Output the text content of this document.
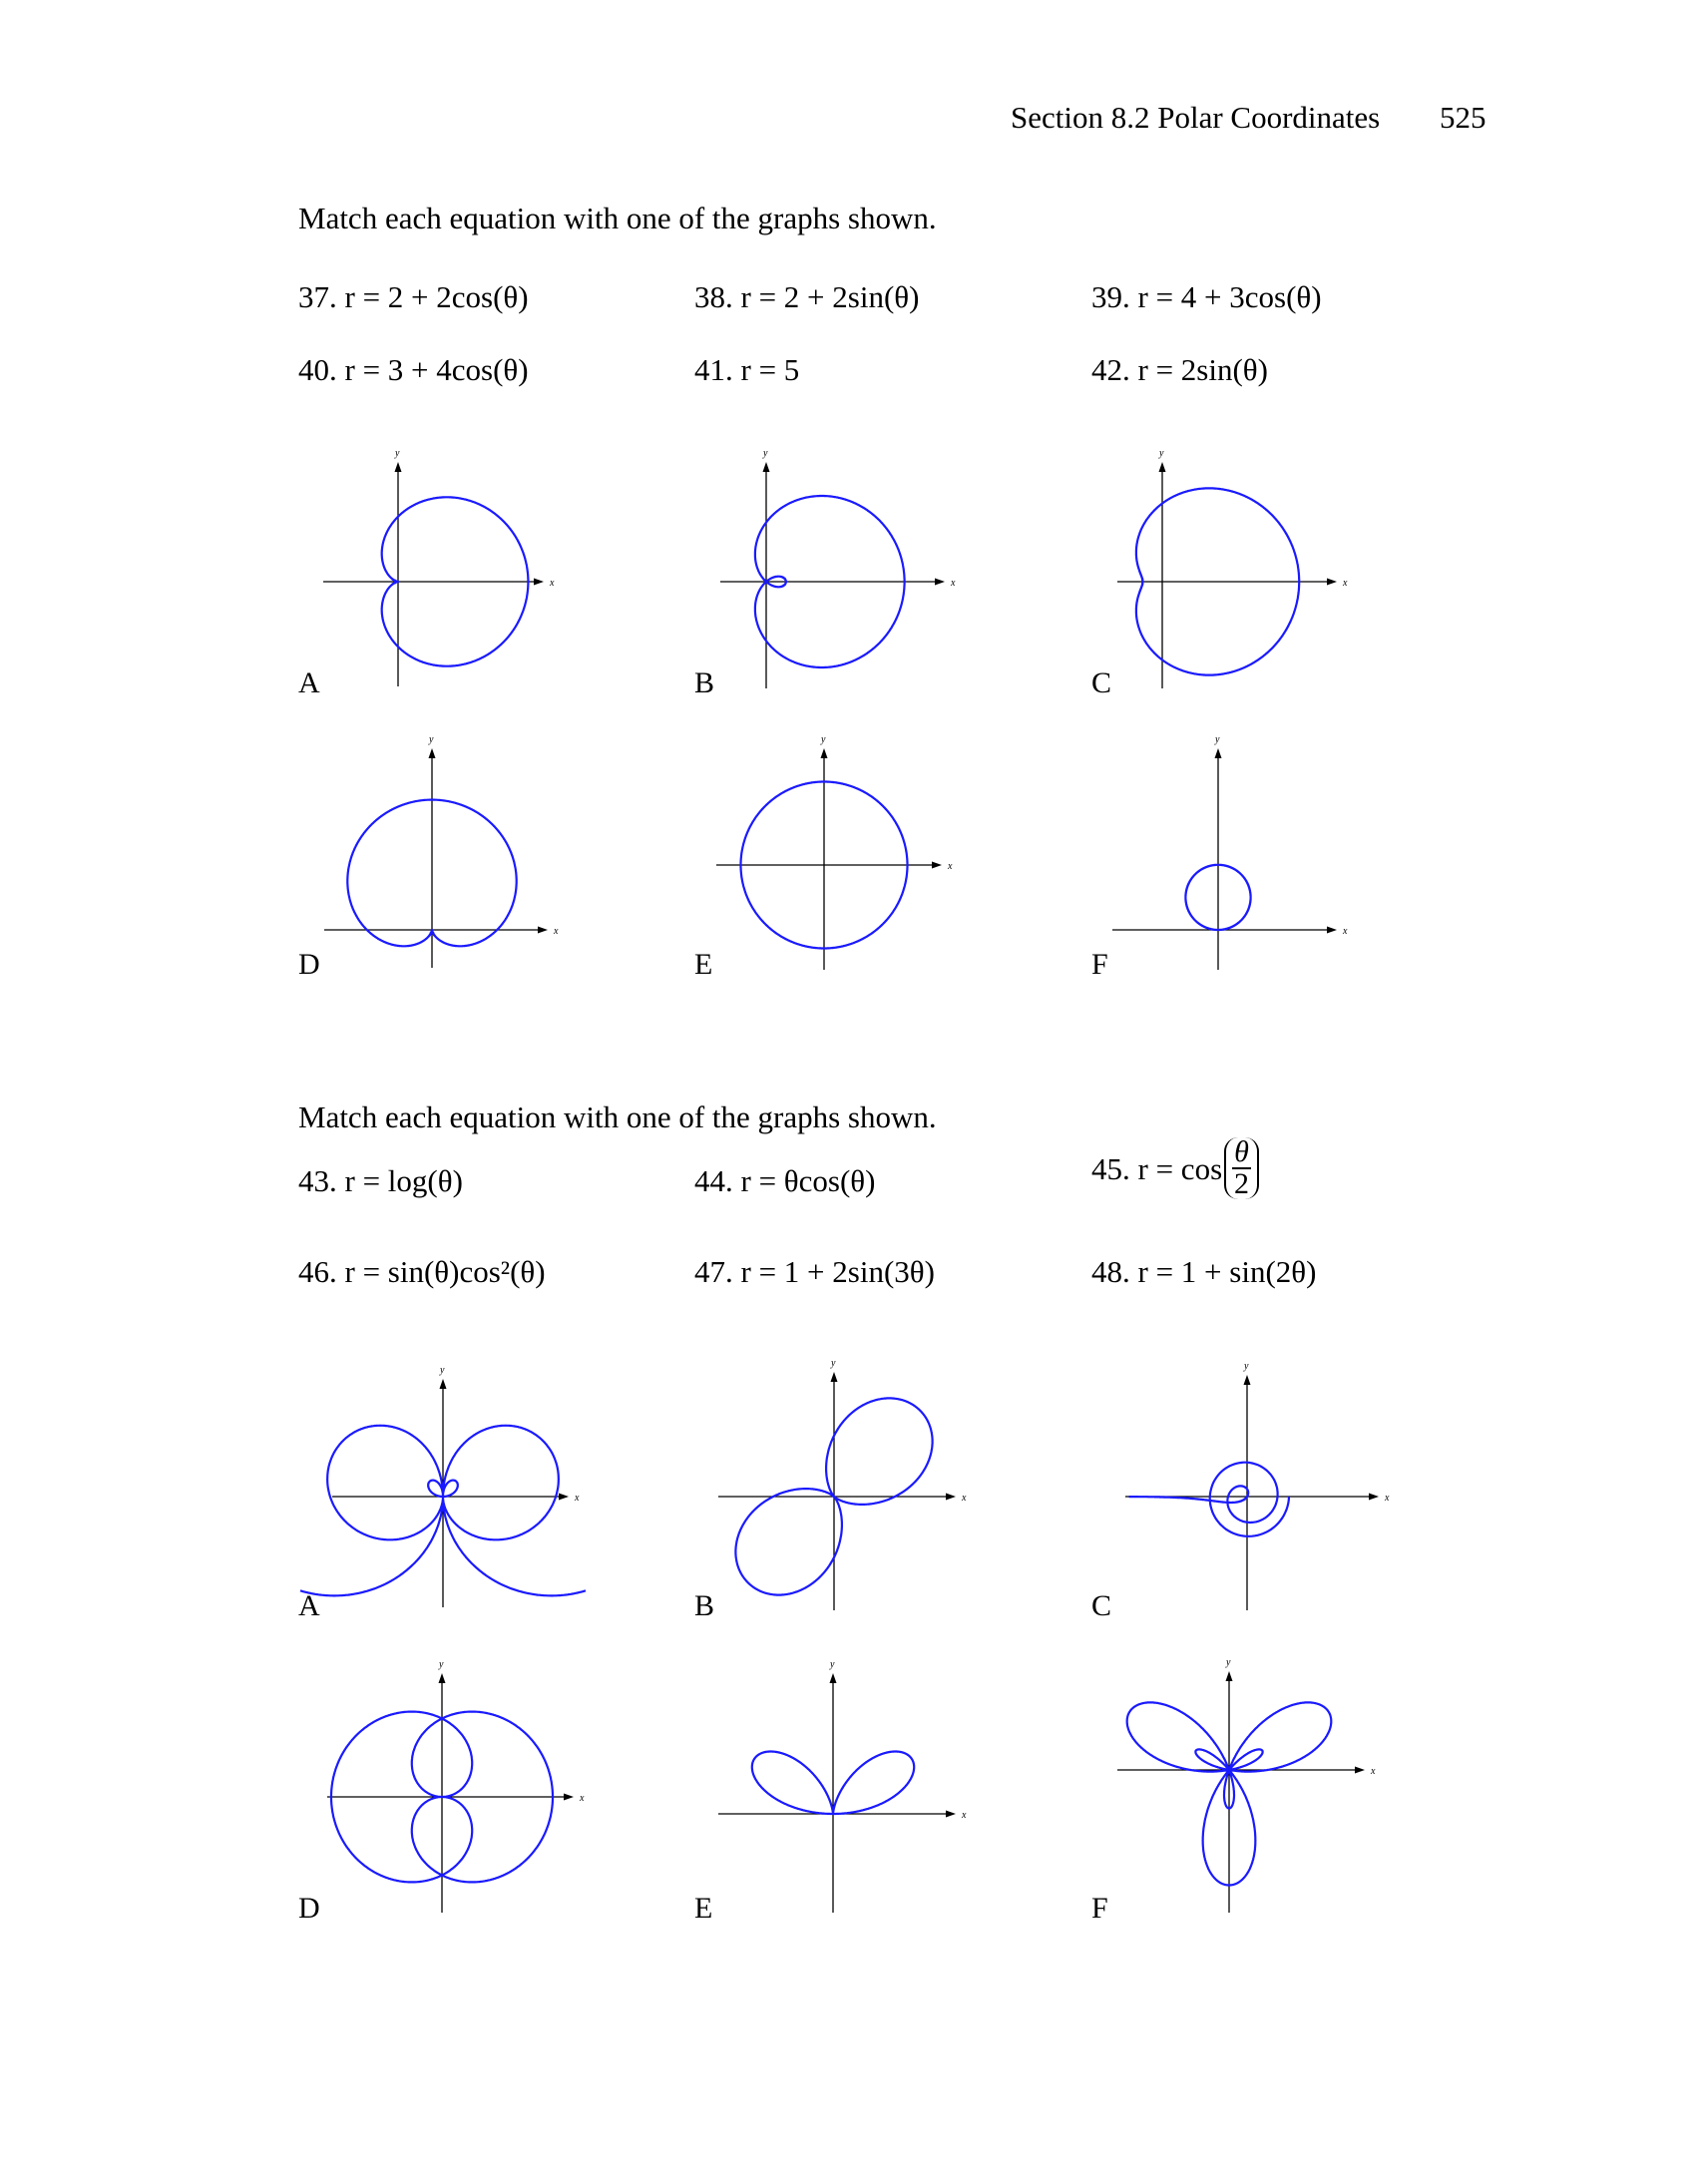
Section 8.2 Polar Coordinates 525
Match each equation with one of the graphs shown.
37. r = 2 + 2cos(θ)	38. r = 2 + 2sin(θ)	39. r = 4 + 3cos(θ)
40. r = 3 + 4cos(θ)	41. r = 5	42. r = 2sin(θ)
A	B	C
D	E	F
Match each equation with one of the graphs shown.
43. r = log(θ)	44. r = θcos(θ)	45.
$r = \cos \frac{\theta}{2}$
46. r = sin(θ)cos²(θ)	47. r = 1 + 2sin(3θ)	48. r = 1 + sin(2θ)
A	B	C
D	E	F
x
y
x
y
x
y
x
y
x
y
x
y
x
y
x
y
x
y
x
y
x
y
x
y
